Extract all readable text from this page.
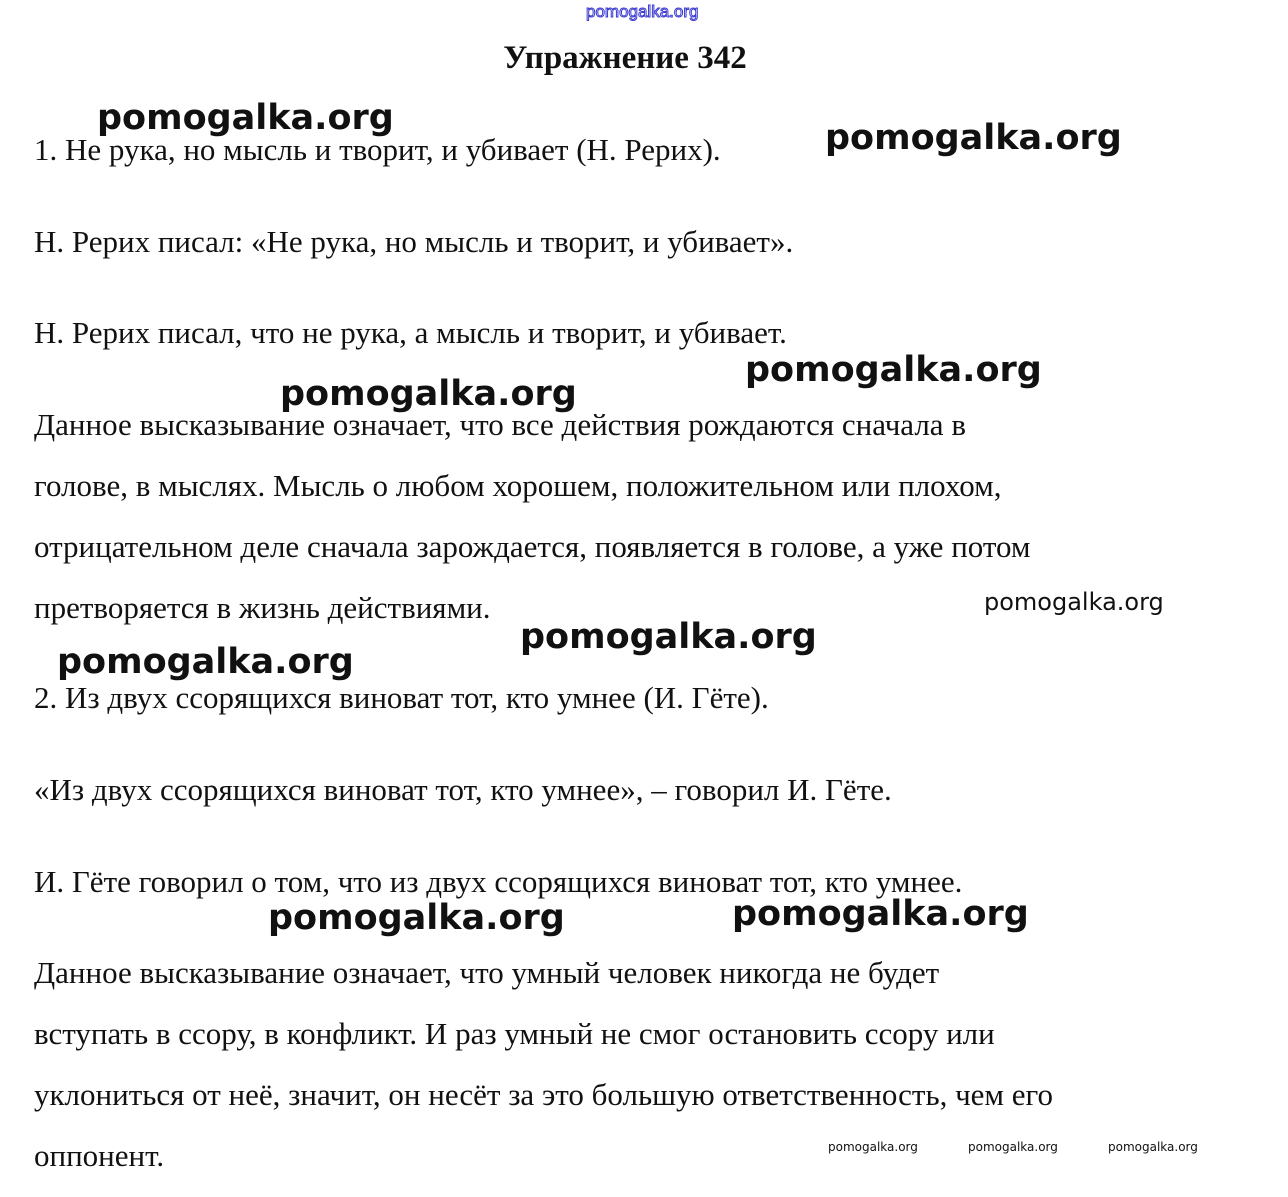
pomogalka.org
Упражнение 342
1. Не рука, но мысль и творит, и убивает (Н. Рерих).
Н. Рерих писал: «Не рука, но мысль и творит, и убивает».
Н. Рерих писал, что не рука, а мысль и творит, и убивает.
Данное высказывание означает, что все действия рождаются сначала в
голове, в мыслях. Мысль о любом хорошем, положительном или плохом,
отрицательном деле сначала зарождается, появляется в голове, а уже потом
претворяется в жизнь действиями.
2. Из двух ссорящихся виноват тот, кто умнее (И. Гёте).
«Из двух ссорящихся виноват тот, кто умнее», – говорил И. Гёте.
И. Гёте говорил о том, что из двух ссорящихся виноват тот, кто умнее.
Данное высказывание означает, что умный человек никогда не будет
вступать в ссору, в конфликт. И раз умный не смог остановить ссору или
уклониться от неё, значит, он несёт за это большую ответственность, чем его
оппонент.
pomogalka.org	pomogalka.org
pomogalka.org
pomogalka.org
pomogalka.org
pomogalka.org
pomogalka.org
pomogalka.org	pomogalka.org
pomogalka.org	pomogalka.org	pomogalka.org
